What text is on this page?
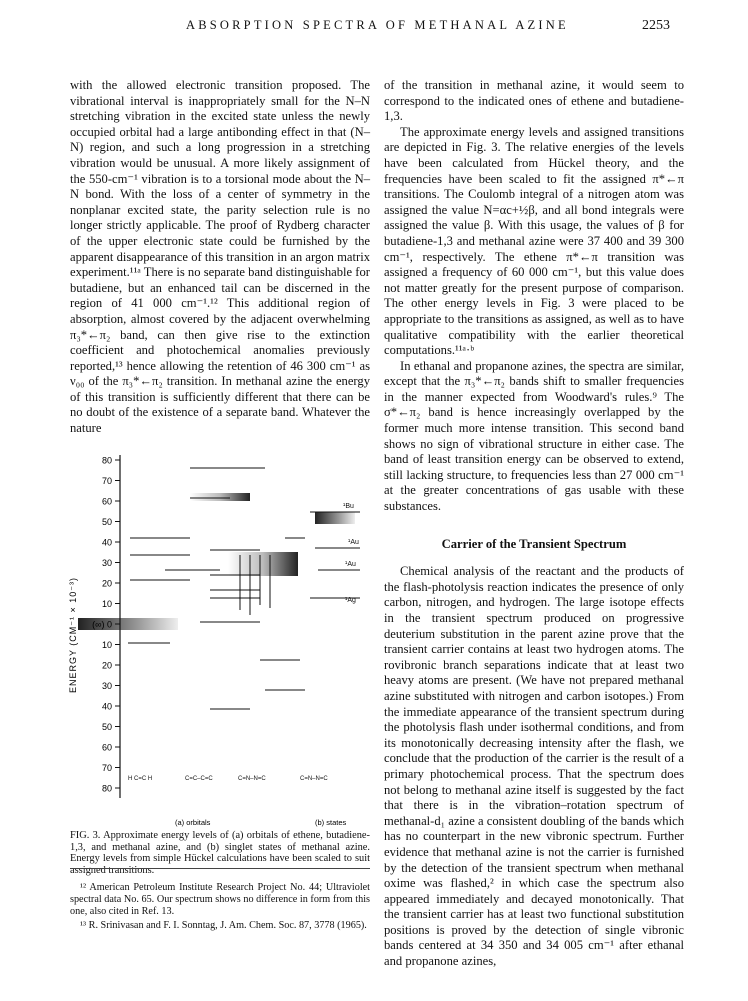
ABSORPTION SPECTRA OF METHANAL AZINE	2253

with the allowed electronic transition proposed. The vibrational interval is inappropriately small for the N–N stretching vibration in the excited state unless the newly occupied orbital had a large antibonding effect in that (N–N) region, and such a long progression in a stretching vibration would be unusual. A more likely assignment of the 550-cm⁻¹ vibration is to a torsional mode about the N–N bond. With the loss of a center of symmetry in the nonplanar excited state, the parity selection rule is no longer strictly applicable. The proof of Rydberg character of the upper electronic state could be furnished by the apparent disappearance of this transition in an argon matrix experiment.¹¹ᵃ There is no separate band distinguishable for butadiene, but an enhanced tail can be discerned in the region of 41 000 cm⁻¹.¹² This additional region of absorption, almost covered by the adjacent overwhelming π₃*←π₂ band, can then give rise to the extinction coefficient and photochemical anomalies previously reported,¹³ hence allowing the retention of 46 300 cm⁻¹ as ν₀₀ of the π₃*←π₂ transition. In methanal azine the energy of this transition is sufficiently different that there can be no doubt of the existence of a separate band. Whatever the nature

of the transition in methanal azine, it would seem to correspond to the indicated ones of ethene and butadiene-1,3.

The approximate energy levels and assigned transitions are depicted in Fig. 3. The relative energies of the levels have been calculated from Hückel theory, and the frequencies have been scaled to fit the assigned π*←π transitions. The Coulomb integral of a nitrogen atom was assigned the value N=αc+½β, and all bond integrals were assigned the value β. With this usage, the values of β for butadiene-1,3 and methanal azine were 37 400 and 39 300 cm⁻¹, respectively. The ethene π*←π transition was assigned a frequency of 60 000 cm⁻¹, but this value does not matter greatly for the present purpose of comparison. The other energy levels in Fig. 3 were placed to be appropriate to the transitions as assigned, as well as to have qualitative compatibility with the earlier theoretical computations.¹¹ᵃ·ᵇ

In ethanal and propanone azines, the spectra are similar, except that the π₃*←π₂ bands shift to smaller frequencies in the manner expected from Woodward's rules.⁹ The σ*←π₂ band is hence increasingly overlapped by the former much more intense transition. This second band shows no sign of vibrational structure in either case. The band of least transition energy can be observed to extend, still lacking structure, to frequencies less than 27 000 cm⁻¹ at the greater concentrations of gas usable with these substances.

Carrier of the Transient Spectrum

Chemical analysis of the reactant and the products of the flash-photolysis reaction indicates the presence of only carbon, nitrogen, and hydrogen. The large isotope effects in the transient spectrum produced on progressive deuterium substitution in the parent azine prove that the transient carrier contains at least two hydrogen atoms. The rovibronic branch separations indicate that at least two heavy atoms are present. (We have not prepared methanal azine substituted with nitrogen and carbon isotopes.) From the immediate appearance of the transient spectrum during the photolysis flash under isothermal conditions, and from its monotonically decreasing intensity after the flash, we conclude that the production of the carrier is the result of a primary photochemical process. That the spectrum does not belong to methanal azine itself is suggested by the fact that there is in the vibration–rotation spectrum of methanal-d₁ azine a consistent doubling of the bands which has no counterpart in the new vibronic spectrum. Further evidence that methanal azine is not the carrier is furnished by the detection of the transient spectrum when methanal oxime was flashed,² in which case the spectrum also appeared immediately and decayed monotonically. That the transient carrier has at least two functional substitution positions is proved by the detection of single vibronic bands centered at 34 350 and 34 005 cm⁻¹ after ethanal and propanone azines,

80
70
60
50
40
30
20
10
(∞) 0
10
20
30
40
50
60
70
80
ENERGY (CM⁻¹ × 10⁻³)
¹Bu
¹Au
¹Au
¹Ag
H C=C H	C=C–C=C	C=N–N=C	C=N–N=C
(a) orbitals	(b) states
FIG. 3. Approximate energy levels of (a) orbitals of ethene, butadiene-1,3, and methanal azine, and (b) singlet states of methanal azine. Energy levels from simple Hückel calculations have been scaled to suit assigned transitions.

¹² American Petroleum Institute Research Project No. 44; Ultraviolet spectral data No. 65. Our spectrum shows no difference in form from this one, also cited in Ref. 13.

¹³ R. Srinivasan and F. I. Sonntag, J. Am. Chem. Soc. 87, 3778 (1965).
